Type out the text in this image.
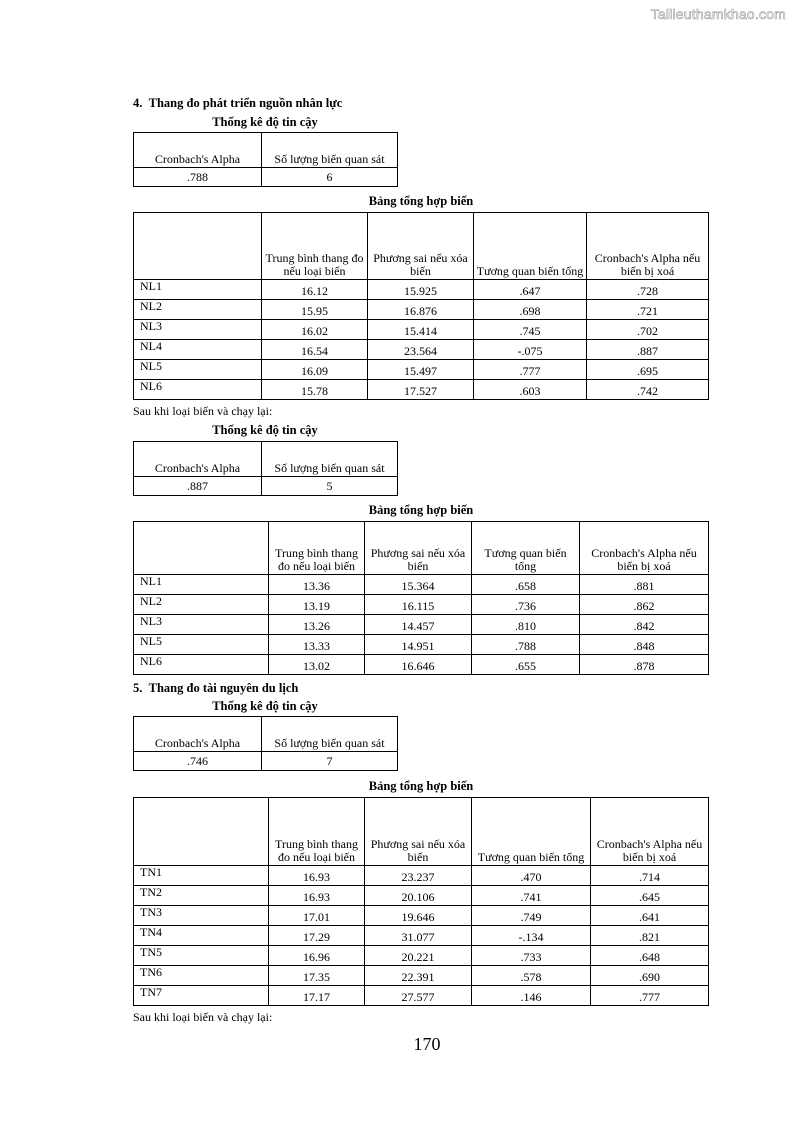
Tailieuthamkhao.com
4.  Thang đo phát triển nguồn nhân lực
Thống kê độ tin cậy
Cronbach's Alpha	Số lượng biến quan sát
.788	6
Bảng tổng hợp biến
	Trung bình thang đo nếu loại biến	Phương sai nếu xóa biến	Tương quan biến tổng	Cronbach's Alpha nếu biến bị xoá
NL1	16.12	15.925	.647	.728
NL2	15.95	16.876	.698	.721
NL3	16.02	15.414	.745	.702
NL4	16.54	23.564	-.075	.887
NL5	16.09	15.497	.777	.695
NL6	15.78	17.527	.603	.742
Sau khi loại biến và chạy lại:
Thống kê độ tin cậy
Cronbach's Alpha	Số lượng biến quan sát
.887	5
Bảng tổng hợp biến
	Trung bình thang đo nếu loại biến	Phương sai nếu xóa biến	Tương quan biến tổng	Cronbach's Alpha nếu biến bị xoá
NL1	13.36	15.364	.658	.881
NL2	13.19	16.115	.736	.862
NL3	13.26	14.457	.810	.842
NL5	13.33	14.951	.788	.848
NL6	13.02	16.646	.655	.878
5.  Thang đo tài nguyên du lịch
Thống kê độ tin cậy
Cronbach's Alpha	Số lượng biến quan sát
.746	7
Bảng tổng hợp biến
	Trung bình thang đo nếu loại biến	Phương sai nếu xóa biến	Tương quan biến tổng	Cronbach's Alpha nếu biến bị xoá
TN1	16.93	23.237	.470	.714
TN2	16.93	20.106	.741	.645
TN3	17.01	19.646	.749	.641
TN4	17.29	31.077	-.134	.821
TN5	16.96	20.221	.733	.648
TN6	17.35	22.391	.578	.690
TN7	17.17	27.577	.146	.777
Sau khi loại biến và chạy lại:
170
